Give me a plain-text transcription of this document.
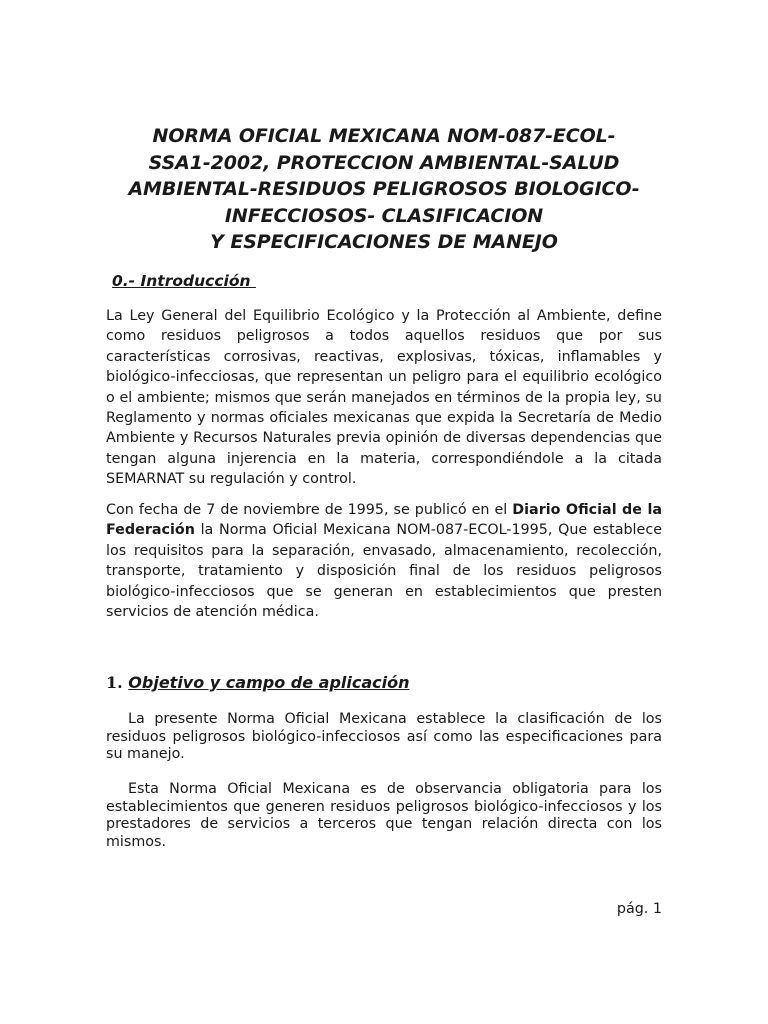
NORMA OFICIAL MEXICANA NOM-087-ECOL-
SSA1-2002, PROTECCION AMBIENTAL-SALUD
AMBIENTAL-RESIDUOS PELIGROSOS BIOLOGICO-
INFECCIOSOS- CLASIFICACION
Y ESPECIFICACIONES DE MANEJO
0.- Introducción

La Ley General del Equilibrio Ecológico y la Protección al Ambiente, define como residuos peligrosos a todos aquellos residuos que por sus características corrosivas, reactivas, explosivas, tóxicas, inflamables y biológico-infecciosas, que representan un peligro para el equilibrio ecológico o el ambiente; mismos que serán manejados en términos de la propia ley, su Reglamento y normas oficiales mexicanas que expida la Secretaría de Medio Ambiente y Recursos Naturales previa opinión de diversas dependencias que tengan alguna injerencia en la materia, correspondiéndole a la citada SEMARNAT su regulación y control.

Con fecha de 7 de noviembre de 1995, se publicó en el Diario Oficial de la Federación la Norma Oficial Mexicana NOM-087-ECOL-1995, Que establece los requisitos para la separación, envasado, almacenamiento, recolección, transporte, tratamiento y disposición final de los residuos peligrosos biológico-infecciosos que se generan en establecimientos que presten servicios de atención médica.

1. Objetivo y campo de aplicación

La presente Norma Oficial Mexicana establece la clasificación de los residuos peligrosos biológico-infecciosos así como las especificaciones para su manejo.

Esta Norma Oficial Mexicana es de observancia obligatoria para los establecimientos que generen residuos peligrosos biológico-infecciosos y los prestadores de servicios a terceros que tengan relación directa con los mismos.

pág. 1
